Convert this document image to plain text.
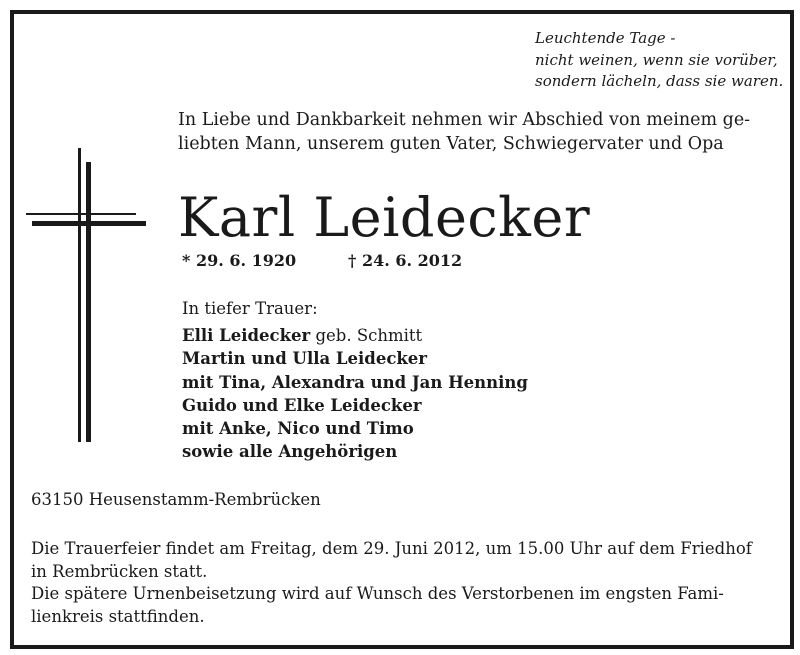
Leuchtende Tage -
nicht weinen, wenn sie vorüber,
sondern lächeln, dass sie waren.
In Liebe und Dankbarkeit nehmen wir Abschied von meinem ge-
liebten Mann, unserem guten Vater, Schwiegervater und Opa
Karl Leidecker
* 29. 6. 1920	† 24. 6. 2012
In tiefer Trauer:
Elli Leidecker geb. Schmitt
Martin und Ulla Leidecker
mit Tina, Alexandra und Jan Henning
Guido und Elke Leidecker
mit Anke, Nico und Timo
sowie alle Angehörigen
63150 Heusenstamm-Rembrücken
Die Trauerfeier findet am Freitag, dem 29. Juni 2012, um 15.00 Uhr auf dem Friedhof
in Rembrücken statt.
Die spätere Urnenbeisetzung wird auf Wunsch des Verstorbenen im engsten Fami-
lienkreis stattfinden.
